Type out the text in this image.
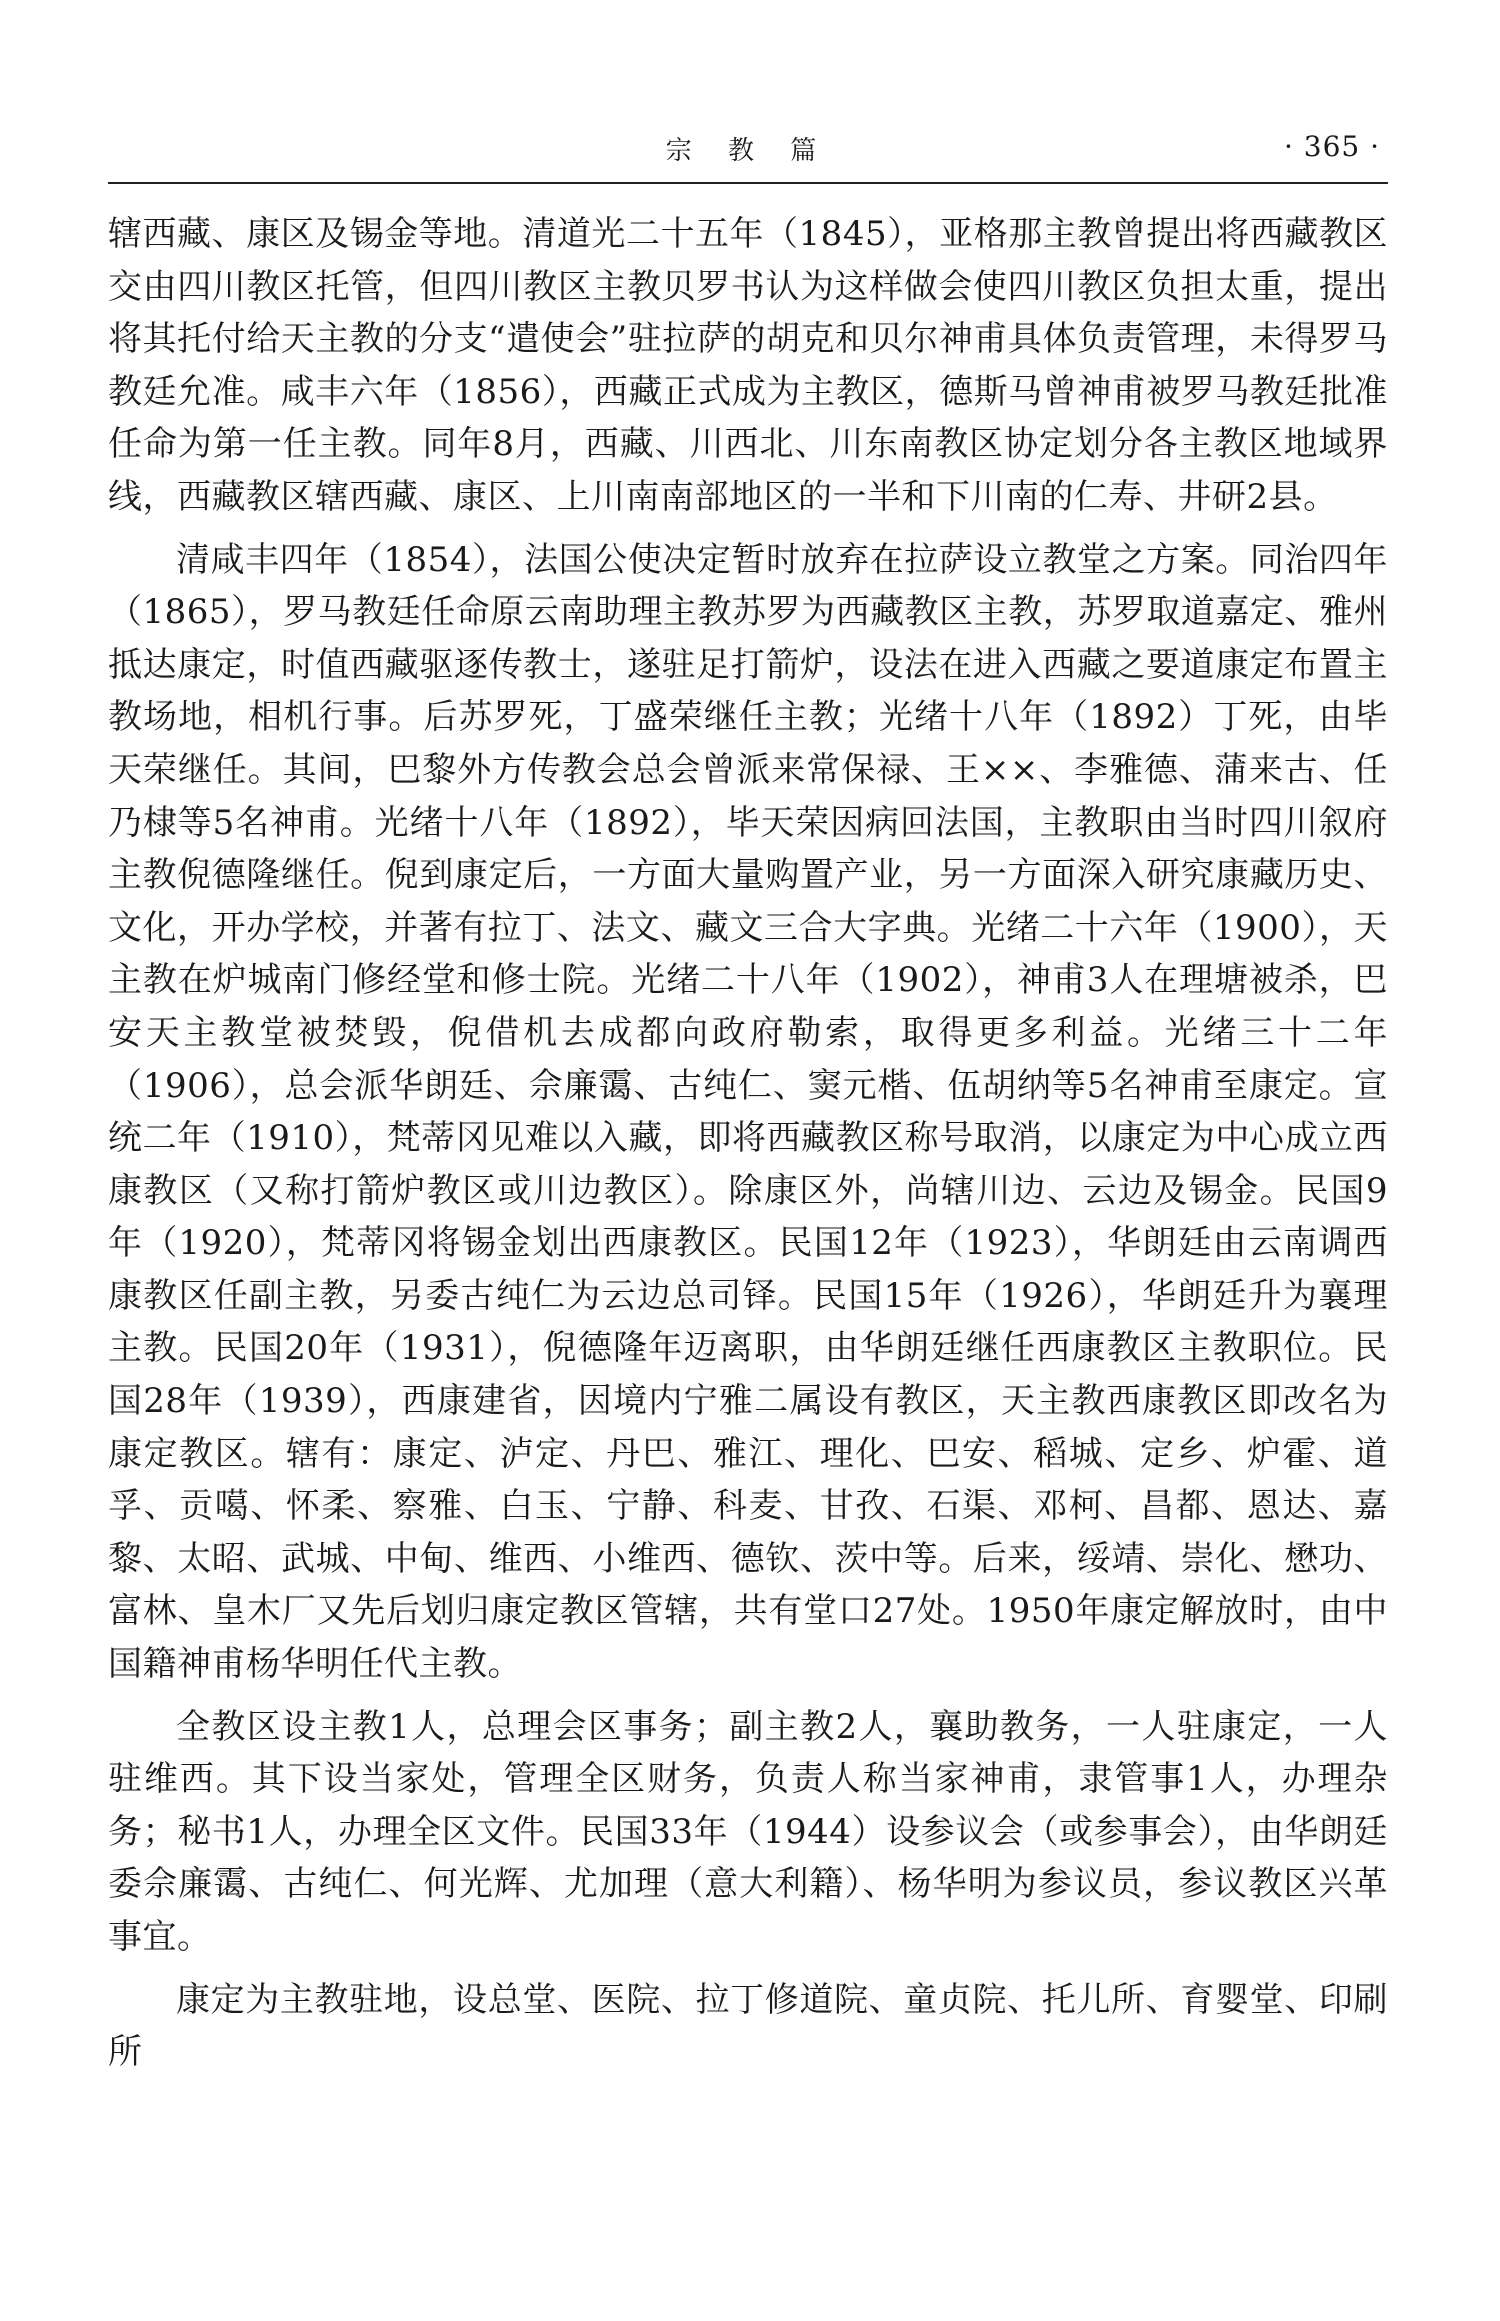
宗 教 篇	· 365 ·

辖西藏、康区及锡金等地。清道光二十五年（1845），亚格那主教曾提出将西藏教区交由四川教区托管，但四川教区主教贝罗书认为这样做会使四川教区负担太重，提出将其托付给天主教的分支“遣使会”驻拉萨的胡克和贝尔神甫具体负责管理，未得罗马教廷允准。咸丰六年（1856），西藏正式成为主教区，德斯马曾神甫被罗马教廷批准任命为第一任主教。同年8月，西藏、川西北、川东南教区协定划分各主教区地域界线，西藏教区辖西藏、康区、上川南南部地区的一半和下川南的仁寿、井研2县。

清咸丰四年（1854），法国公使决定暂时放弃在拉萨设立教堂之方案。同治四年（1865），罗马教廷任命原云南助理主教苏罗为西藏教区主教，苏罗取道嘉定、雅州抵达康定，时值西藏驱逐传教士，遂驻足打箭炉，设法在进入西藏之要道康定布置主教场地，相机行事。后苏罗死，丁盛荣继任主教；光绪十八年（1892）丁死，由毕天荣继任。其间，巴黎外方传教会总会曾派来常保禄、王××、李雅德、蒲来古、任乃棣等5名神甫。光绪十八年（1892），毕天荣因病回法国，主教职由当时四川叙府主教倪德隆继任。倪到康定后，一方面大量购置产业，另一方面深入研究康藏历史、文化，开办学校，并著有拉丁、法文、藏文三合大字典。光绪二十六年（1900），天主教在炉城南门修经堂和修士院。光绪二十八年（1902），神甫3人在理塘被杀，巴安天主教堂被焚毁，倪借机去成都向政府勒索，取得更多利益。光绪三十二年（1906），总会派华朗廷、佘廉霭、古纯仁、窦元楷、伍胡纳等5名神甫至康定。宣统二年（1910），梵蒂冈见难以入藏，即将西藏教区称号取消，以康定为中心成立西康教区（又称打箭炉教区或川边教区）。除康区外，尚辖川边、云边及锡金。民国9年（1920），梵蒂冈将锡金划出西康教区。民国12年（1923），华朗廷由云南调西康教区任副主教，另委古纯仁为云边总司铎。民国15年（1926），华朗廷升为襄理主教。民国20年（1931），倪德隆年迈离职，由华朗廷继任西康教区主教职位。民国28年（1939），西康建省，因境内宁雅二属设有教区，天主教西康教区即改名为康定教区。辖有：康定、泸定、丹巴、雅江、理化、巴安、稻城、定乡、炉霍、道孚、贡噶、怀柔、察雅、白玉、宁静、科麦、甘孜、石渠、邓柯、昌都、恩达、嘉黎、太昭、武城、中甸、维西、小维西、德钦、茨中等。后来，绥靖、崇化、懋功、富林、皇木厂又先后划归康定教区管辖，共有堂口27处。1950年康定解放时，由中国籍神甫杨华明任代主教。

全教区设主教1人，总理会区事务；副主教2人，襄助教务，一人驻康定，一人驻维西。其下设当家处，管理全区财务，负责人称当家神甫，隶管事1人，办理杂务；秘书1人，办理全区文件。民国33年（1944）设参议会（或参事会），由华朗廷委佘廉霭、古纯仁、何光辉、尤加理（意大利籍）、杨华明为参议员，参议教区兴革事宜。

康定为主教驻地，设总堂、医院、拉丁修道院、童贞院、托儿所、育婴堂、印刷所
